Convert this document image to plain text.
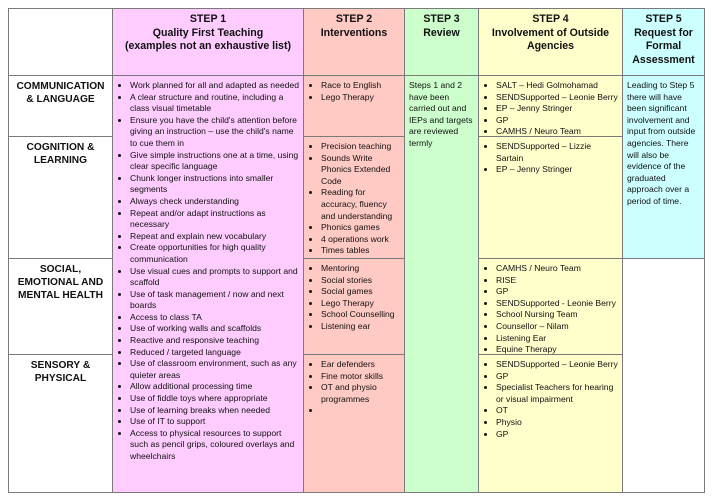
STEP 1
Quality First Teaching
(examples not an exhaustive list)
STEP 2
Interventions
STEP 3
Review
STEP 4
Involvement of Outside
Agencies
STEP 5
Request for
Formal
Assessment
COMMUNICATION
& LANGUAGE
COGNITION &
LEARNING
SOCIAL,
EMOTIONAL AND
MENTAL HEALTH
SENSORY &
PHYSICAL
• Work planned for all and adapted as needed
• A clear structure and routine, including a class visual timetable
• Ensure you have the child's attention before giving an instruction – use the child's name to cue them in
• Give simple instructions one at a time, using clear specific language
• Chunk longer instructions into smaller segments
• Always check understanding
• Repeat and/or adapt instructions as necessary
• Repeat and explain new vocabulary
• Create opportunities for high quality communication
• Use visual cues and prompts to support and scaffold
• Use of task management / now and next boards
• Access to class TA
• Use of working walls and scaffolds
• Reactive and responsive teaching
• Reduced / targeted language
• Use of classroom environment, such as any quieter areas
• Allow additional processing time
• Use of fiddle toys where appropriate
• Use of learning breaks when needed
• Use of IT to support
• Access to physical resources to support such as pencil grips, coloured overlays and wheelchairs
• Race to English
• Lego Therapy
• Precision teaching
• Sounds Write Phonics Extended Code
• Reading for accuracy, fluency and understanding
• Phonics games
• 4 operations work
• Times tables
• Mentoring
• Social stories
• Social games
• Lego Therapy
• School Counselling
• Listening ear
• Ear defenders
• Fine motor skills
• OT and physio programmes
•
Steps 1 and 2 have been carried out and IEPs and targets are reviewed termly
• SALT – Hedi Golmohamad
• SENDSupported – Leonie Berry
• EP – Jenny Stringer
• GP
• CAMHS / Neuro Team
• SENDSupported – Lizzie Sartain
• EP – Jenny Stringer
• CAMHS / Neuro Team
• RISE
• GP
• SENDSupported - Leonie Berry
• School Nursing Team
• Counsellor – Nilam
• Listening Ear
• Equine Therapy
• SENDSupported – Leonie Berry
• GP
• Specialist Teachers for hearing or visual impairment
• OT
• Physio
• GP
Leading to Step 5 there will have been significant involvement and input from outside agencies. There will also be evidence of the graduated approach over a period of time.
